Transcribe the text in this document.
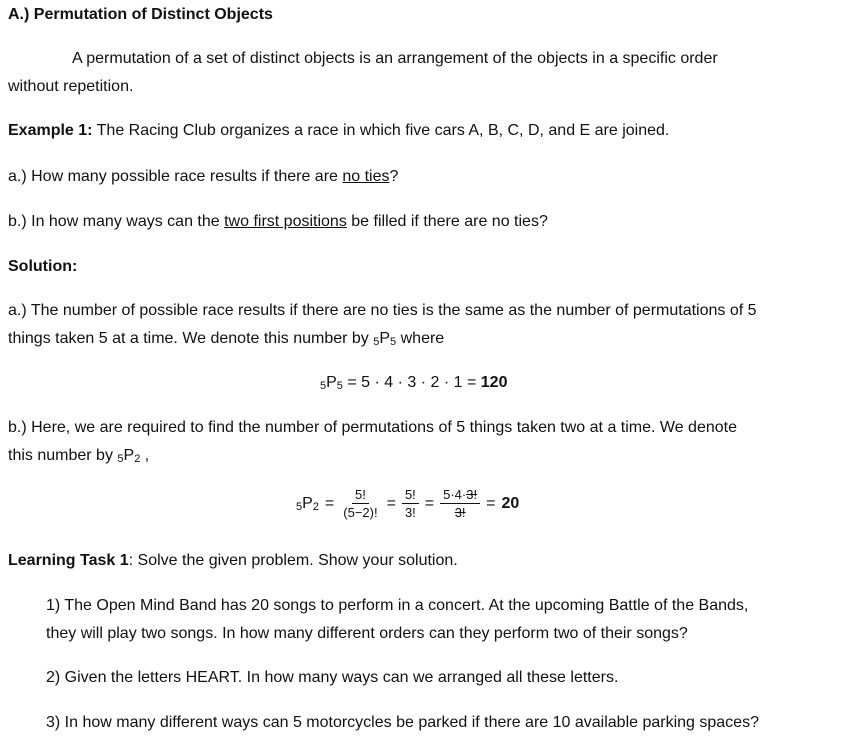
A.) Permutation of Distinct Objects
A permutation of a set of distinct objects is an arrangement of the objects in a specific order
without repetition.
Example 1: The Racing Club organizes a race in which five cars A, B, C, D, and E are joined.
a.) How many possible race results if there are no ties?
b.) In how many ways can the two first positions be filled if there are no ties?
Solution:
a.) The number of possible race results if there are no ties is the same as the number of permutations of 5
things taken 5 at a time. We denote this number by $_5P_5$ where
$_5P_5 = 5 \cdot 4 \cdot 3 \cdot 2 \cdot 1 = 120$
b.) Here, we are required to find the number of permutations of 5 things taken two at a time. We denote
this number by $_5P_2$ ,
$_5P_2 = \frac{5!}{(5-2)!} = \frac{5!}{3!} = \frac{5\cdot 4\cdot 3!}{3!} = 20$
Learning Task 1: Solve the given problem. Show your solution.
1) The Open Mind Band has 20 songs to perform in a concert. At the upcoming Battle of the Bands,
they will play two songs. In how many different orders can they perform two of their songs?
2) Given the letters HEART. In how many ways can we arranged all these letters.
3) In how many different ways can 5 motorcycles be parked if there are 10 available parking spaces?
